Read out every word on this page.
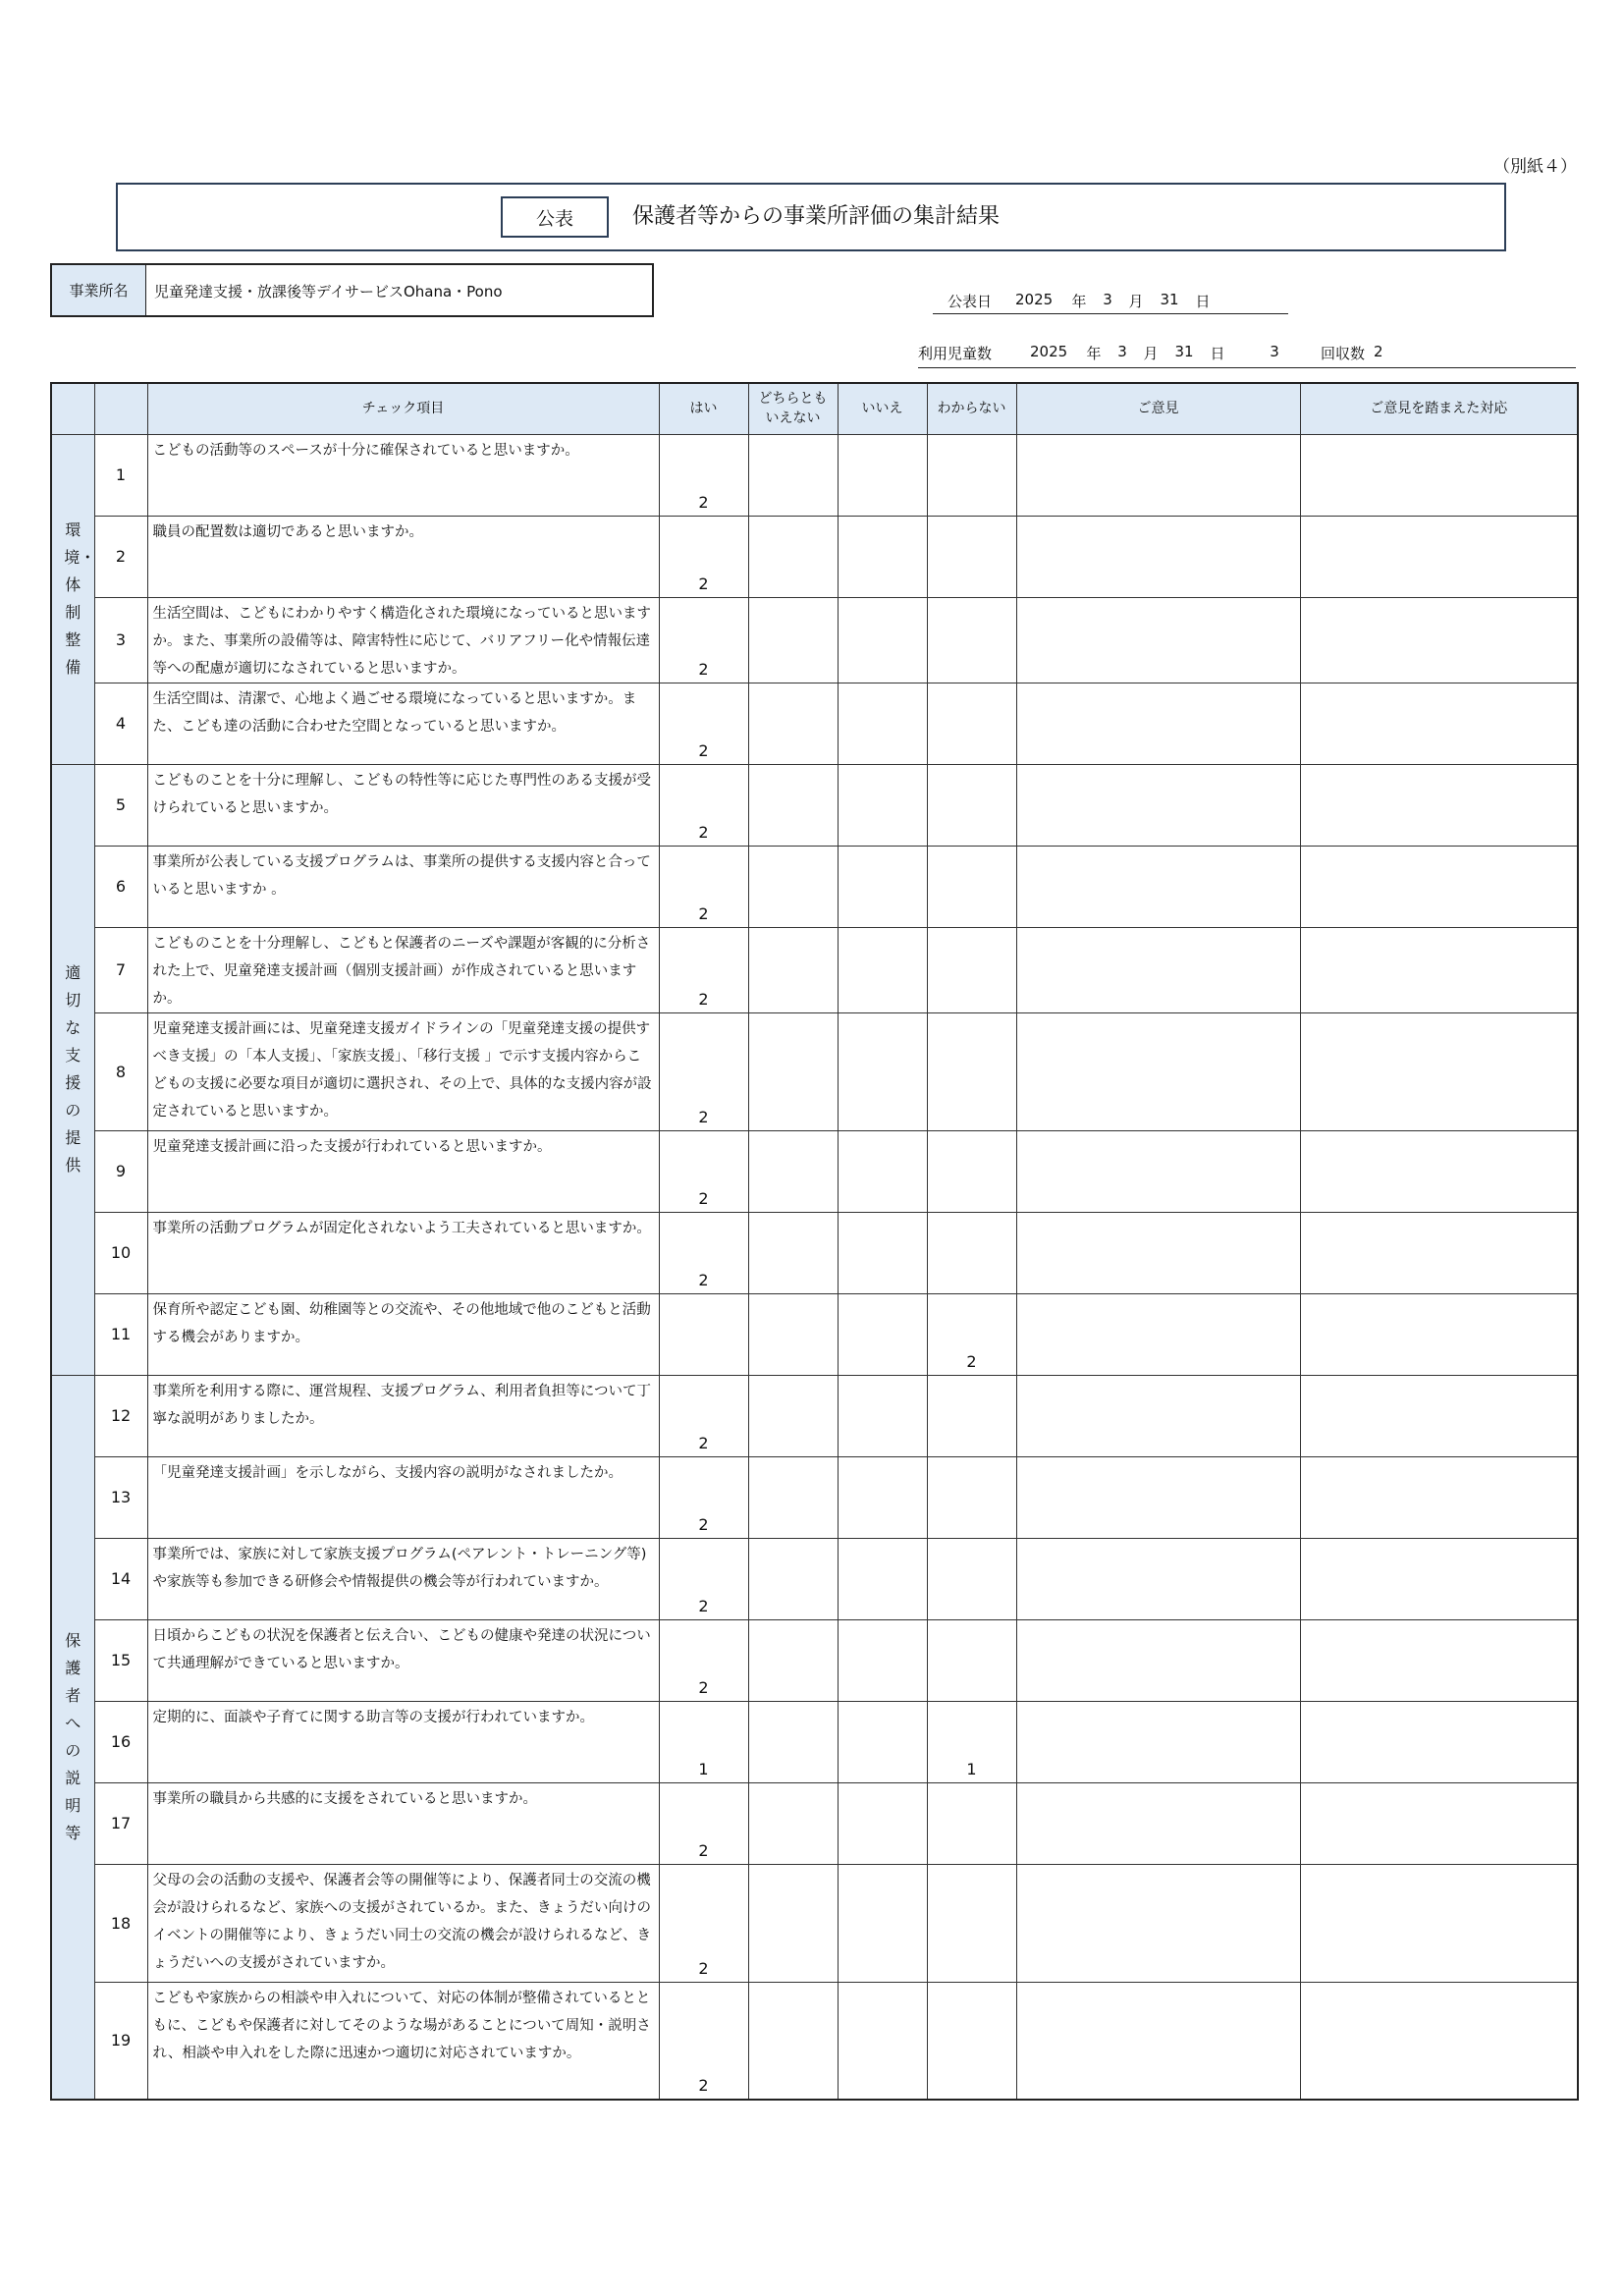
（別紙４）
公表	保護者等からの事業所評価の集計結果
事業所名	児童発達支援・放課後等デイサービスOhana・Pono
公表日	2025	年	3	月	31	日
利用児童数	2025	年	3	月	31	日	3	回収数 2
		チェック項目	はい	どちらとも
いえない	いいえ	わからない	ご意見	ご意見を踏まえた対応
環境・体制整備	1	こどもの活動等のスペースが十分に確保されていると思いますか。	2					
	2	職員の配置数は適切であると思いますか。	2					
	3	生活空間は、こどもにわかりやすく構造化された環境になっていると思いますか。また、事業所の設備等は、障害特性に応じて、バリアフリー化や情報伝達等への配慮が適切になされていると思いますか。	2					
	4	生活空間は、清潔で、心地よく過ごせる環境になっていると思いますか。また、こども達の活動に合わせた空間となっていると思いますか。	2					
適切な支援の提供	5	こどものことを十分に理解し、こどもの特性等に応じた専門性のある支援が受けられていると思いますか。	2					
	6	事業所が公表している支援プログラムは、事業所の提供する支援内容と合っていると思いますか 。	2					
	7	こどものことを十分理解し、こどもと保護者のニーズや課題が客観的に分析された上で、児童発達支援計画（個別支援計画）が作成されていると思いますか。	2					
	8	児童発達支援計画には、児童発達支援ガイドラインの「児童発達支援の提供すべき支援」の「本人支援」、「家族支援」、「移行支援 」で示す支援内容からこどもの支援に必要な項目が適切に選択され、その上で、具体的な支援内容が設定されていると思いますか。	2					
	9	児童発達支援計画に沿った支援が行われていると思いますか。	2					
	10	事業所の活動プログラムが固定化されないよう工夫されていると思いますか。	2					
	11	保育所や認定こども園、幼稚園等との交流や、その他地域で他のこどもと活動する機会がありますか。				2		
保護者への説明等	12	事業所を利用する際に、運営規程、支援プログラム、利用者負担等について丁寧な説明がありましたか。	2					
	13	「児童発達支援計画」を示しながら、支援内容の説明がなされましたか。	2					
	14	事業所では、家族に対して家族支援プログラム(ペアレント・トレーニング等)や家族等も参加できる研修会や情報提供の機会等が行われていますか。	2					
	15	日頃からこどもの状況を保護者と伝え合い、こどもの健康や発達の状況について共通理解ができていると思いますか。	2					
	16	定期的に、面談や子育てに関する助言等の支援が行われていますか。	1			1		
	17	事業所の職員から共感的に支援をされていると思いますか。	2					
	18	父母の会の活動の支援や、保護者会等の開催等により、保護者同士の交流の機会が設けられるなど、家族への支援がされているか。また、きょうだい向けのイベントの開催等により、きょうだい同士の交流の機会が設けられるなど、きょうだいへの支援がされていますか。	2					
	19	こどもや家族からの相談や申入れについて、対応の体制が整備されているとともに、こどもや保護者に対してそのような場があることについて周知・説明され、相談や申入れをした際に迅速かつ適切に対応されていますか。	2					
